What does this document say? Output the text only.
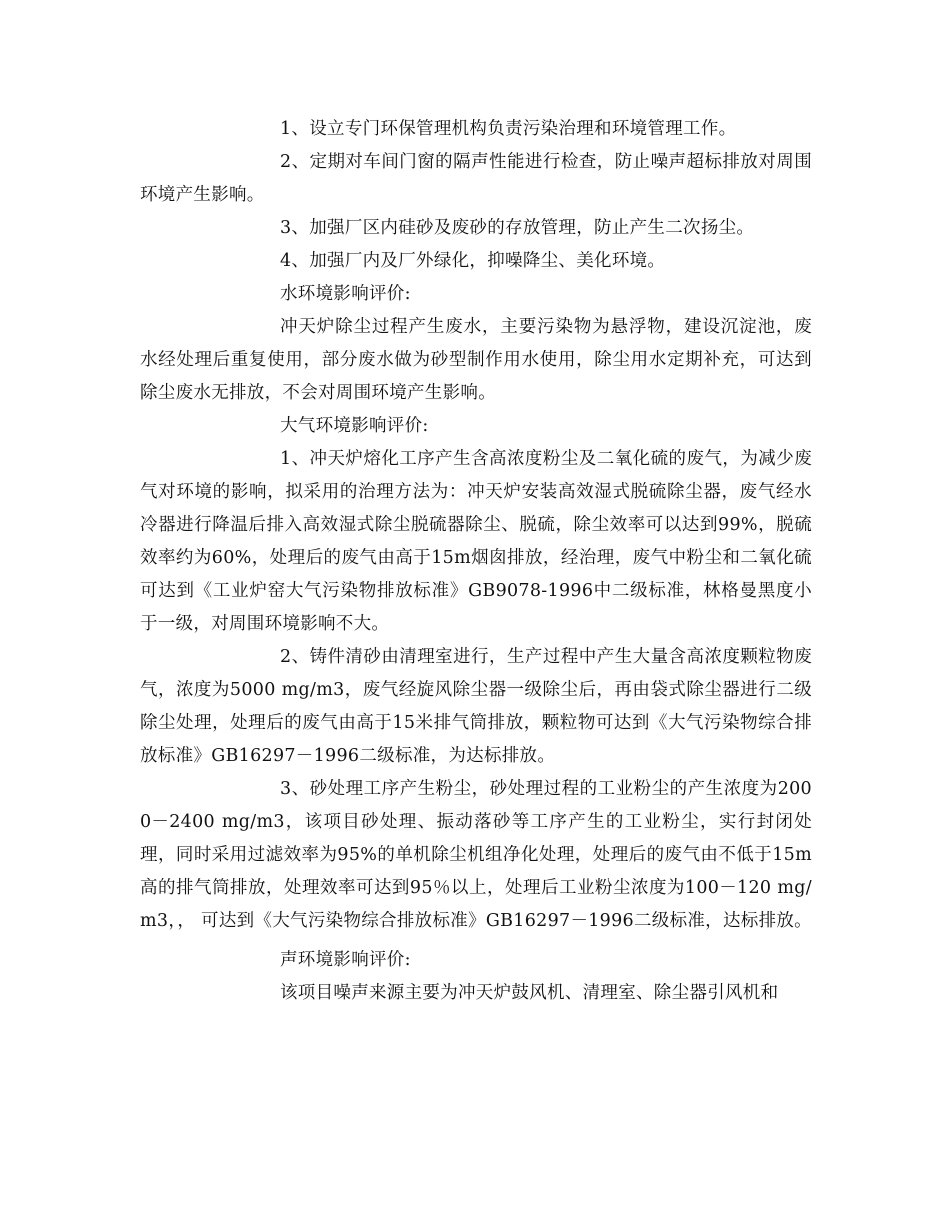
1、设立专门环保管理机构负责污染治理和环境管理工作。

2、定期对车间门窗的隔声性能进行检查，防止噪声超标排放对周围环境产生影响。

3、加强厂区内硅砂及废砂的存放管理，防止产生二次扬尘。

4、加强厂内及厂外绿化，抑噪降尘、美化环境。

水环境影响评价:

冲天炉除尘过程产生废水，主要污染物为悬浮物，建设沉淀池，废水经处理后重复使用，部分废水做为砂型制作用水使用，除尘用水定期补充，可达到除尘废水无排放，不会对周围环境产生影响。

大气环境影响评价:

1、冲天炉熔化工序产生含高浓度粉尘及二氧化硫的废气，为减少废气对环境的影响，拟采用的治理方法为：冲天炉安装高效湿式脱硫除尘器，废气经水冷器进行降温后排入高效湿式除尘脱硫器除尘、脱硫，除尘效率可以达到99%，脱硫效率约为60%，处理后的废气由高于15m烟囱排放，经治理，废气中粉尘和二氧化硫可达到《工业炉窑大气污染物排放标准》GB9078-1996中二级标准，林格曼黑度小于一级，对周围环境影响不大。

2、铸件清砂由清理室进行，生产过程中产生大量含高浓度颗粒物废气，浓度为5000 mg/m3，废气经旋风除尘器一级除尘后，再由袋式除尘器进行二级除尘处理，处理后的废气由高于15米排气筒排放，颗粒物可达到《大气污染物综合排放标准》GB16297－1996二级标准，为达标排放。

3、砂处理工序产生粉尘，砂处理过程的工业粉尘的产生浓度为2000－2400 mg/m3，该项目砂处理、振动落砂等工序产生的工业粉尘，实行封闭处理，同时采用过滤效率为95%的单机除尘机组净化处理，处理后的废气由不低于15m高的排气筒排放，处理效率可达到95％以上，处理后工业粉尘浓度为100－120 mg/m3，， 可达到《大气污染物综合排放标准》GB16297－1996二级标准，达标排放。

声环境影响评价:

该项目噪声来源主要为冲天炉鼓风机、清理室、除尘器引风机和
